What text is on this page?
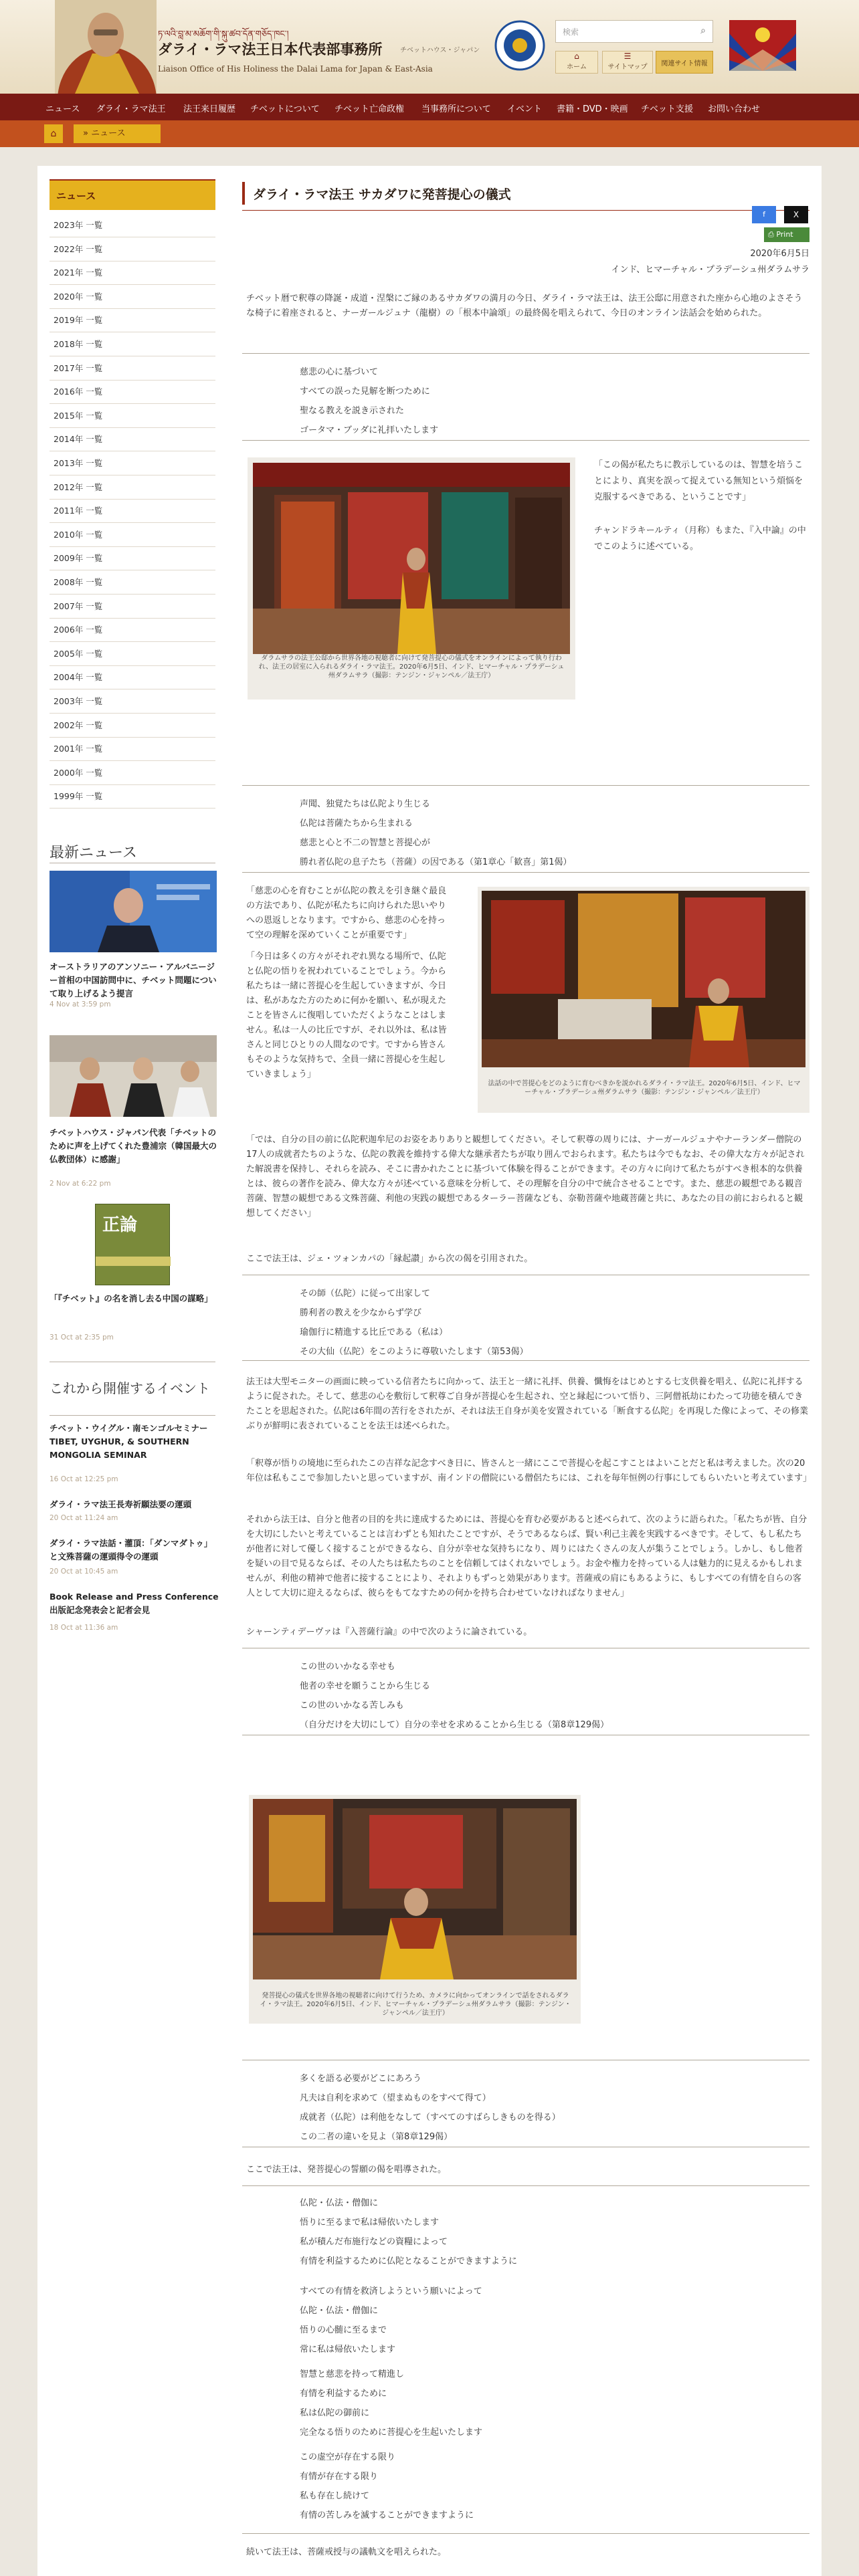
ཏ་ལའི་བླ་མ་མཆོག་གི་སྐུ་ཚབ་དོན་གཅོད་ཁང་།
ダライ・ラマ法王日本代表部事務所	チベットハウス・ジャパン
Liaison Office of His Holiness the Dalai Lama for Japan & East-Asia
検索	⌕
⌂
ホーム
☰
サイトマップ	関連サイト情報
ニュース ダライ・ラマ法王 法王来日履歴 チベットについて チベット亡命政権 当事務所について イベント 書籍・DVD・映画 チベット支援 お問い合わせ
⌂	» ニュース
ニュース
2023年 一覧
2022年 一覧
2021年 一覧
2020年 一覧
2019年 一覧
2018年 一覧
2017年 一覧
2016年 一覧
2015年 一覧
2014年 一覧
2013年 一覧
2012年 一覧
2011年 一覧
2010年 一覧
2009年 一覧
2008年 一覧
2007年 一覧
2006年 一覧
2005年 一覧
2004年 一覧
2003年 一覧
2002年 一覧
2001年 一覧
2000年 一覧
1999年 一覧
最新ニュース
オーストラリアのアンソニー・アルバニージー首相の中国訪問中に、チベット問題について取り上げるよう提言
4 Nov at 3:59 pm
チベットハウス・ジャパン代表「チベットのために声を上げてくれた豊浦宗（韓国最大の仏教団体）に感謝」
2 Nov at 6:22 pm
正論
「『チベット』の名を消し去る中国の謀略」
31 Oct at 2:35 pm
これから開催するイベント
チベット・ウイグル・南モンゴルセミナー TIBET, UYGHUR, & SOUTHERN MONGOLIA SEMINAR
16 Oct at 12:25 pm
ダライ・ラマ法王長寿祈願法要の運頭
20 Oct at 11:24 am
ダライ・ラマ法話・灌頂：「ダンマダトゥ」と文殊菩薩の運頭得令の運頭
20 Oct at 10:45 am
Book Release and Press Conference 出版記念発表会と記者会見
18 Oct at 11:36 am
ダライ・ラマ法王 サカダワに発菩提心の儀式
f	X
⎙ Print
2020年6月5日
インド、ヒマーチャル・プラデーシュ州ダラムサラ
チベット暦で釈尊の降誕・成道・涅槃にご縁のあるサカダワの満月の今日、ダライ・ラマ法王は、法王公邸に用意された座から心地のよさそうな椅子に着座されると、ナーガールジュナ（龍樹）の「根本中論頌」の最終偈を唱えられて、今日のオンライン法話会を始められた。
慈悲の心に基づいて
すべての誤った見解を断つために
聖なる教えを説き示された
ゴータマ・ブッダに礼拝いたします
ダラムサラの法王公邸から世界各地の視聴者に向けて発菩提心の儀式をオンラインによって執り行われ、法王の居室に入られるダライ・ラマ法王。2020年6月5日、インド、ヒマーチャル・プラデーシュ州ダラムサラ（撮影：テンジン・ジャンペル／法王庁）
「この偈が私たちに教示しているのは、智慧を培うことにより、真実を誤って捉えている無知という煩悩を克服するべきである、ということです」
チャンドラキールティ（月称）もまた、『入中論』の中でこのように述べている。
声聞、独覚たちは仏陀より生じる
仏陀は菩薩たちから生まれる
慈悲と心と不二の智慧と菩提心が
勝れ者仏陀の息子たち（菩薩）の因である（第1章心「歓喜」第1偈）
「慈悲の心を育むことが仏陀の教えを引き継ぐ最良の方法であり、仏陀が私たちに向けられた思いやりへの恩返しとなります。ですから、慈悲の心を持って空の理解を深めていくことが重要です」
「今日は多くの方々がそれぞれ異なる場所で、仏陀と仏陀の悟りを祝われていることでしょう。今から私たちは一緒に菩提心を生起していきますが、今日は、私があなた方のために何かを願い、私が現えたことを皆さんに復唱していただくようなことはしません。私は一人の比丘ですが、それ以外は、私は皆さんと同じひとりの人間なのです。ですから皆さんもそのような気持ちで、全員一緒に菩提心を生起していきましょう」
法話の中で菩提心をどのように育むべきかを説かれるダライ・ラマ法王。2020年6月5日、インド、ヒマーチャル・プラデーシュ州ダラムサラ（撮影：テンジン・ジャンペル／法王庁）
「では、自分の目の前に仏陀釈迦牟尼のお姿をありありと観想してください。そして釈尊の周りには、ナーガールジュナやナーランダー僧院の17人の成就者たちのような、仏陀の教義を維持する偉大な継承者たちが取り囲んでおられます。私たちは今でもなお、その偉大な方々が記された解説書を保持し、それらを読み、そこに書かれたことに基づいて体験を得ることができます。その方々に向けて私たちがすべき根本的な供養とは、彼らの著作を読み、偉大な方々が述べている意味を分析して、その理解を自分の中で統合させることです。また、慈悲の観想である観音菩薩、智慧の観想である文殊菩薩、利他の実践の観想であるターラー菩薩なども、奈勒菩薩や地蔵菩薩と共に、あなたの目の前におられると観想してください」
ここで法王は、ジェ・ツォンカパの「縁起讃」から次の偈を引用された。
その師（仏陀）に従って出家して
勝利者の教えを少なからず学び
瑜伽行に精進する比丘である（私は）
その大仙（仏陀）をこのように尊敬いたします（第53偈）
法王は大型モニターの画面に映っている信者たちに向かって、法王と一緒に礼拝、供養、懺悔をはじめとする七支供養を唱え、仏陀に礼拝するように促された。そして、慈悲の心を敷衍して釈尊ご自身が菩提心を生起され、空と縁起について悟り、三阿僧祇劫にわたって功徳を積んできたことを思起された。仏陀は6年間の苦行をされたが、それは法王自身が美を安置されている「断食する仏陀」を再現した像によって、その修業ぶりが鮮明に表されていることを法王は述べられた。
「釈尊が悟りの境地に至られたこの吉祥な記念すべき日に、皆さんと一緒にここで菩提心を起こすことはよいことだと私は考えました。次の20年位は私もここで参加したいと思っていますが、南インドの僧院にいる僧侶たちには、これを毎年恒例の行事にしてもらいたいと考えています」
それから法王は、自分と他者の目的を共に達成するためには、菩提心を育む必要があると述べられて、次のように語られた。「私たちが皆、自分を大切にしたいと考えていることは言わずとも知れたことですが、そうであるならば、賢い利己主義を実践するべきです。そして、もし私たちが他者に対して優しく接することができるなら、自分が幸せな気持ちになり、周りにはたくさんの友人が集うことでしょう。しかし、もし他者を疑いの目で見るならば、その人たちは私たちのことを信頼してはくれないでしょう。お金や権力を持っている人は魅力的に見えるかもしれませんが、利他の精神で他者に接することにより、それよりもずっと効果があります。菩薩戒の肩にもあるように、もしすべての有情を自らの客人として大切に迎えるならば、彼らをもてなすための何かを持ち合わせていなければなりません」
シャーンティデーヴァは『入菩薩行論』の中で次のように論されている。
この世のいかなる幸せも
他者の幸せを願うことから生じる
この世のいかなる苦しみも
（自分だけを大切にして）自分の幸せを求めることから生じる（第8章129偈）
発菩提心の儀式を世界各地の視聴者に向けて行うため、カメラに向かってオンラインで話をされるダライ・ラマ法王。2020年6月5日、インド、ヒマーチャル・プラデーシュ州ダラムサラ（撮影：テンジン・ジャンペル／法王庁）
多くを語る必要がどこにあろう
凡夫は自利を求めて（望まぬものをすべて得て）
成就者（仏陀）は利他をなして（すべてのすばらしきものを得る）
この二者の違いを見よ（第8章129偈）
ここで法王は、発菩提心の誓願の偈を唱導された。
仏陀・仏法・僧伽に
悟りに至るまで私は帰依いたします
私が積んだ布施行などの資糧によって
有情を利益するために仏陀となることができますように
すべての有情を救済しようという願いによって
仏陀・仏法・僧伽に
悟りの心髄に至るまで
常に私は帰依いたします
智慧と慈悲を持って精進し
有情を利益するために
私は仏陀の御前に
完全なる悟りのために菩提心を生起いたします
この虚空が存在する限り
有情が存在する限り
私も存在し続けて
有情の苦しみを滅することができますように
続いて法王は、菩薩戒授与の議軌文を唱えられた。
